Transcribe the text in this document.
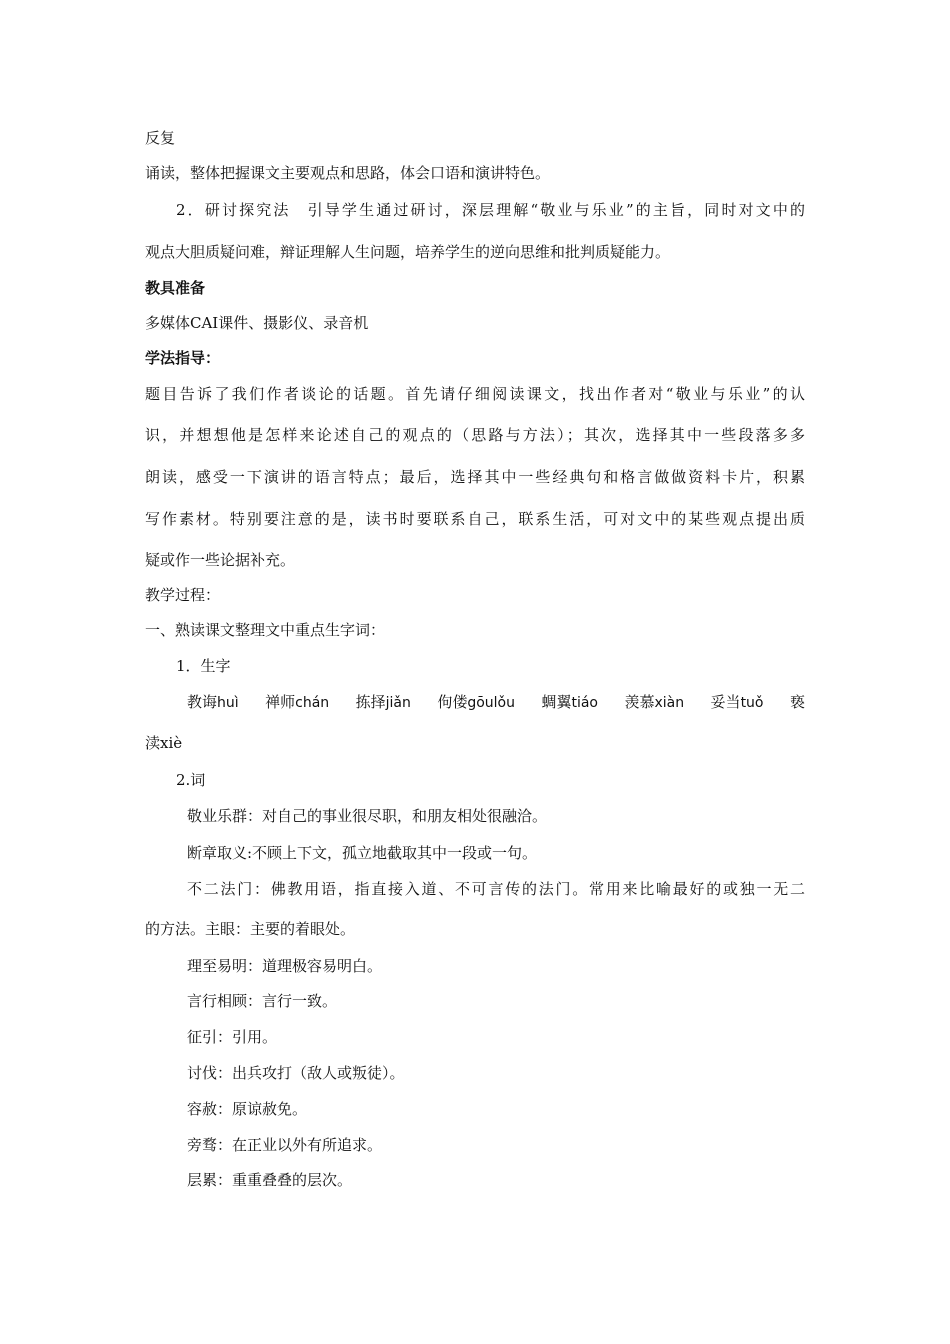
反复
诵读，整体把握课文主要观点和思路，体会口语和演讲特色。
2．研讨探究法　引导学生通过研讨，深层理解“敬业与乐业”的主旨，同时对文中的
观点大胆质疑问难，辩证理解人生问题，培养学生的逆向思维和批判质疑能力。
教具准备
多媒体CAI课件、摄影仪、录音机
学法指导：
题目告诉了我们作者谈论的话题。首先请仔细阅读课文，找出作者对“敬业与乐业”的认
识，并想想他是怎样来论述自己的观点的（思路与方法）；其次，选择其中一些段落多多
朗读，感受一下演讲的语言特点；最后，选择其中一些经典句和格言做做资料卡片，积累
写作素材。特别要注意的是，读书时要联系自己，联系生活，可对文中的某些观点提出质
疑或作一些论据补充。
教学过程：
一、熟读课文整理文中重点生字词：
1．生字
教诲huì 禅师chán 拣择jiǎn 佝偻gōulǒu 蜩翼tiáo 羡慕xiàn 妥当tuǒ 亵
渎xiè
2.词
敬业乐群：对自己的事业很尽职，和朋友相处很融洽。
断章取义:不顾上下文，孤立地截取其中一段或一句。
不二法门：佛教用语，指直接入道、不可言传的法门。常用来比喻最好的或独一无二
的方法。主眼：主要的着眼处。
理至易明：道理极容易明白。
言行相顾：言行一致。
征引：引用。
讨伐：出兵攻打（敌人或叛徒）。
容赦：原谅赦免。
旁骛：在正业以外有所追求。
层累：重重叠叠的层次。
